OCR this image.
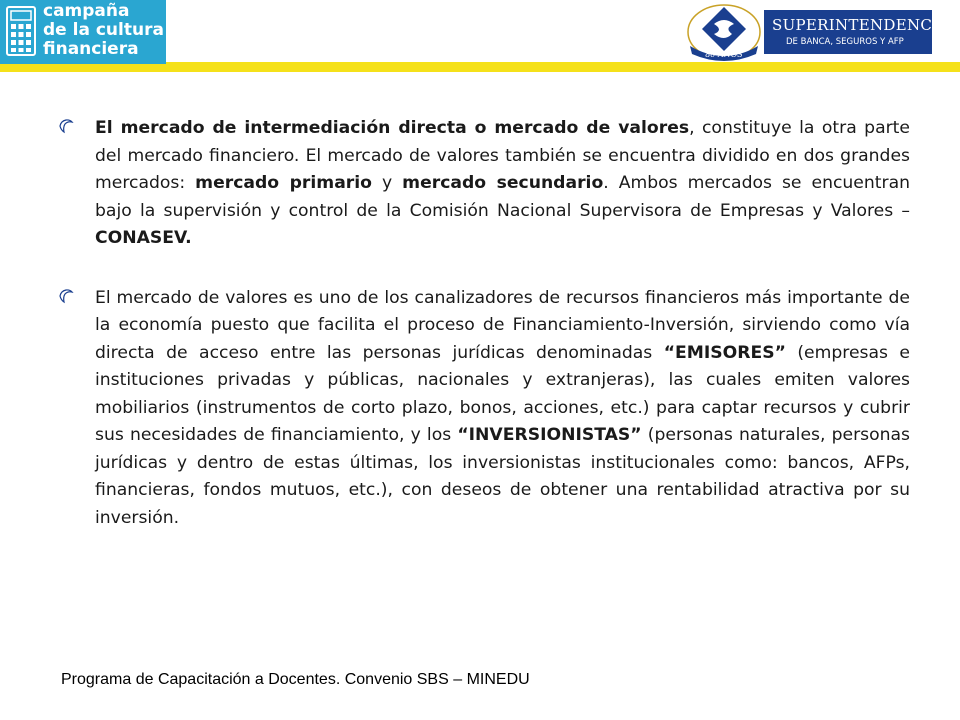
campaña
de la cultura
financiera	80 AÑOS
SUPERINTENDENCIA
DE BANCA, SEGUROS Y AFP
El mercado de intermediación directa o mercado de valores, constituye la otra parte del mercado financiero. El mercado de valores también se encuentra dividido en dos grandes mercados: mercado primario y mercado secundario. Ambos mercados se encuentran bajo la supervisión y control de la Comisión Nacional Supervisora de Empresas y Valores – CONASEV.
El mercado de valores es uno de los canalizadores de recursos financieros más importante de la economía puesto que facilita el proceso de Financiamiento-Inversión, sirviendo como vía directa de acceso entre las personas jurídicas denominadas “EMISORES” (empresas e instituciones privadas y públicas, nacionales y extranjeras), las cuales emiten valores mobiliarios (instrumentos de corto plazo, bonos, acciones, etc.) para captar recursos y cubrir sus necesidades de financiamiento, y los “INVERSIONISTAS” (personas naturales, personas jurídicas y dentro de estas últimas, los inversionistas institucionales como: bancos, AFPs, financieras, fondos mutuos, etc.), con deseos de obtener una rentabilidad atractiva por su inversión.
Programa de Capacitación a Docentes. Convenio SBS – MINEDU
